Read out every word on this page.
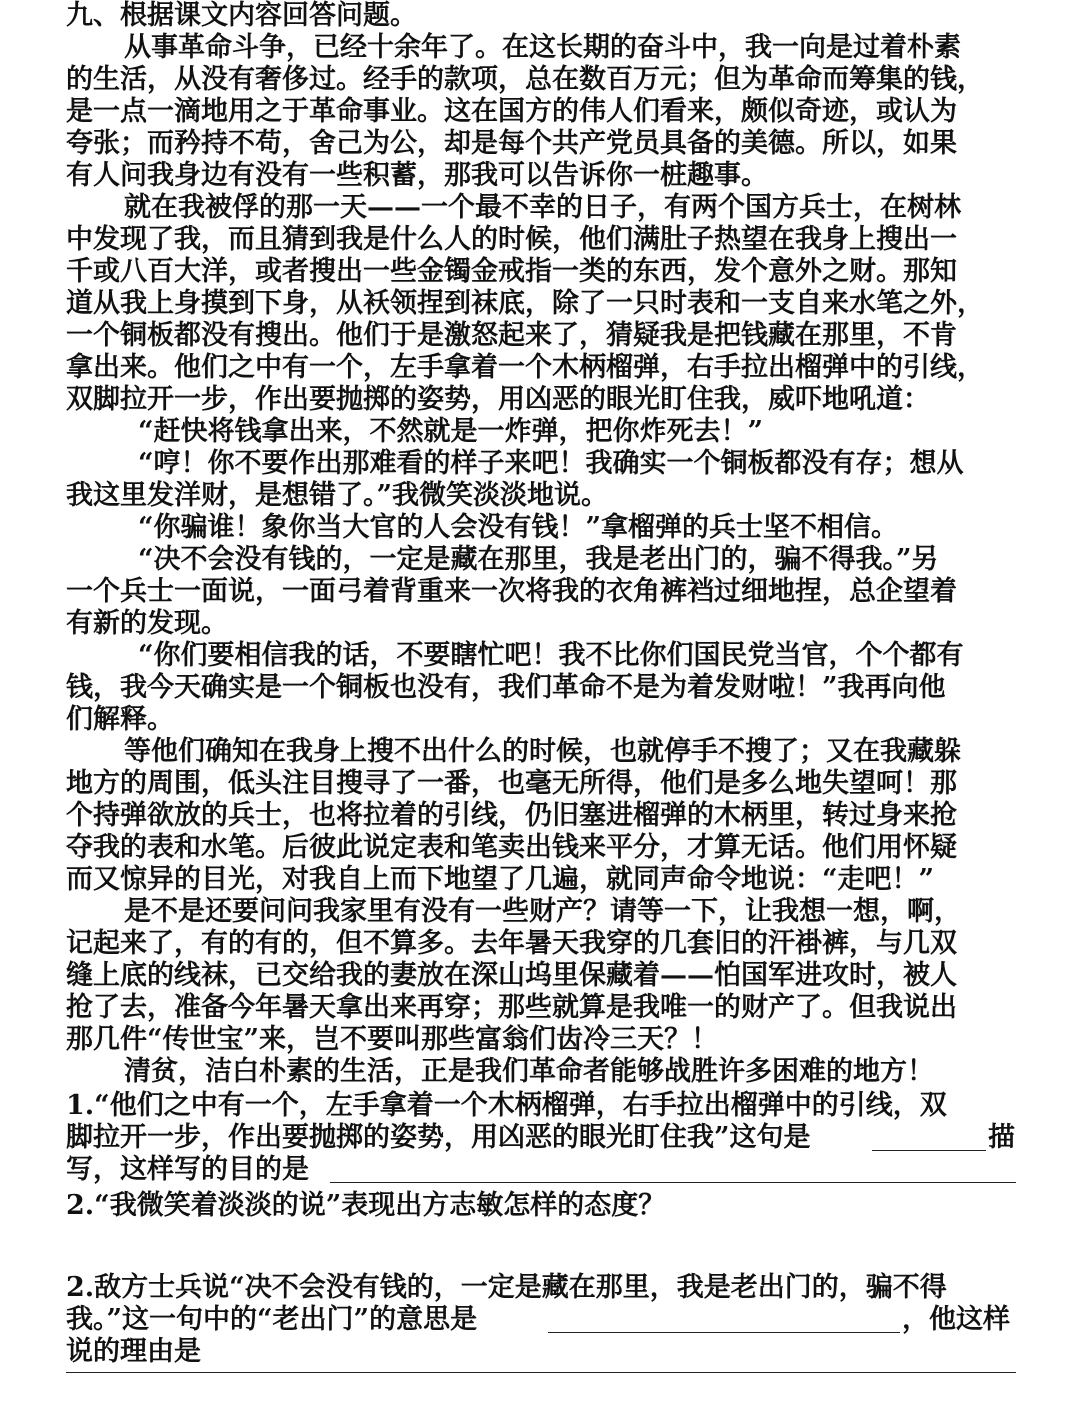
九、根据课文内容回答问题。
从事革命斗争，已经十余年了。在这长期的奋斗中，我一向是过着朴素
的生活，从没有奢侈过。经手的款项，总在数百万元；但为革命而筹集的钱，
是一点一滴地用之于革命事业。这在国方的伟人们看来，颇似奇迹，或认为
夸张；而矜持不苟，舍己为公，却是每个共产党员具备的美德。所以，如果
有人问我身边有没有一些积蓄，那我可以告诉你一桩趣事。
就在我被俘的那一天——一个最不幸的日子，有两个国方兵士，在树林
中发现了我，而且猜到我是什么人的时候，他们满肚子热望在我身上搜出一
千或八百大洋，或者搜出一些金镯金戒指一类的东西，发个意外之财。那知
道从我上身摸到下身，从袄领捏到袜底，除了一只时表和一支自来水笔之外，
一个铜板都没有搜出。他们于是激怒起来了，猜疑我是把钱藏在那里，不肯
拿出来。他们之中有一个，左手拿着一个木柄榴弹，右手拉出榴弹中的引线，
双脚拉开一步，作出要抛掷的姿势，用凶恶的眼光盯住我，威吓地吼道：
“赶快将钱拿出来，不然就是一炸弹，把你炸死去！”
“哼！你不要作出那难看的样子来吧！我确实一个铜板都没有存；想从
我这里发洋财，是想错了。”我微笑淡淡地说。
“你骗谁！象你当大官的人会没有钱！”拿榴弹的兵士坚不相信。
“决不会没有钱的，一定是藏在那里，我是老出门的，骗不得我。”另
一个兵士一面说，一面弓着背重来一次将我的衣角裤裆过细地捏，总企望着
有新的发现。
“你们要相信我的话，不要瞎忙吧！我不比你们国民党当官，个个都有
钱，我今天确实是一个铜板也没有，我们革命不是为着发财啦！”我再向他
们解释。
等他们确知在我身上搜不出什么的时候，也就停手不搜了；又在我藏躲
地方的周围，低头注目搜寻了一番，也毫无所得，他们是多么地失望呵！那
个持弹欲放的兵士，也将拉着的引线，仍旧塞进榴弹的木柄里，转过身来抢
夺我的表和水笔。后彼此说定表和笔卖出钱来平分，才算无话。他们用怀疑
而又惊异的目光，对我自上而下地望了几遍，就同声命令地说：“走吧！”
是不是还要问问我家里有没有一些财产？请等一下，让我想一想，啊，
记起来了，有的有的，但不算多。去年暑天我穿的几套旧的汗褂裤，与几双
缝上底的线袜，已交给我的妻放在深山坞里保藏着——怕国军进攻时，被人
抢了去，准备今年暑天拿出来再穿；那些就算是我唯一的财产了。但我说出
那几件“传世宝”来，岂不要叫那些富翁们齿冷三天？！
清贫，洁白朴素的生活，正是我们革命者能够战胜许多困难的地方！
1.“他们之中有一个，左手拿着一个木柄榴弹，右手拉出榴弹中的引线，双
脚拉开一步，作出要抛掷的姿势，用凶恶的眼光盯住我”这句是	描
写，这样写的目的是
2.“我微笑着淡淡的说”表现出方志敏怎样的态度？
2.敌方士兵说“决不会没有钱的，一定是藏在那里，我是老出门的，骗不得
我。”这一句中的“老出门”的意思是	，他这样
说的理由是
